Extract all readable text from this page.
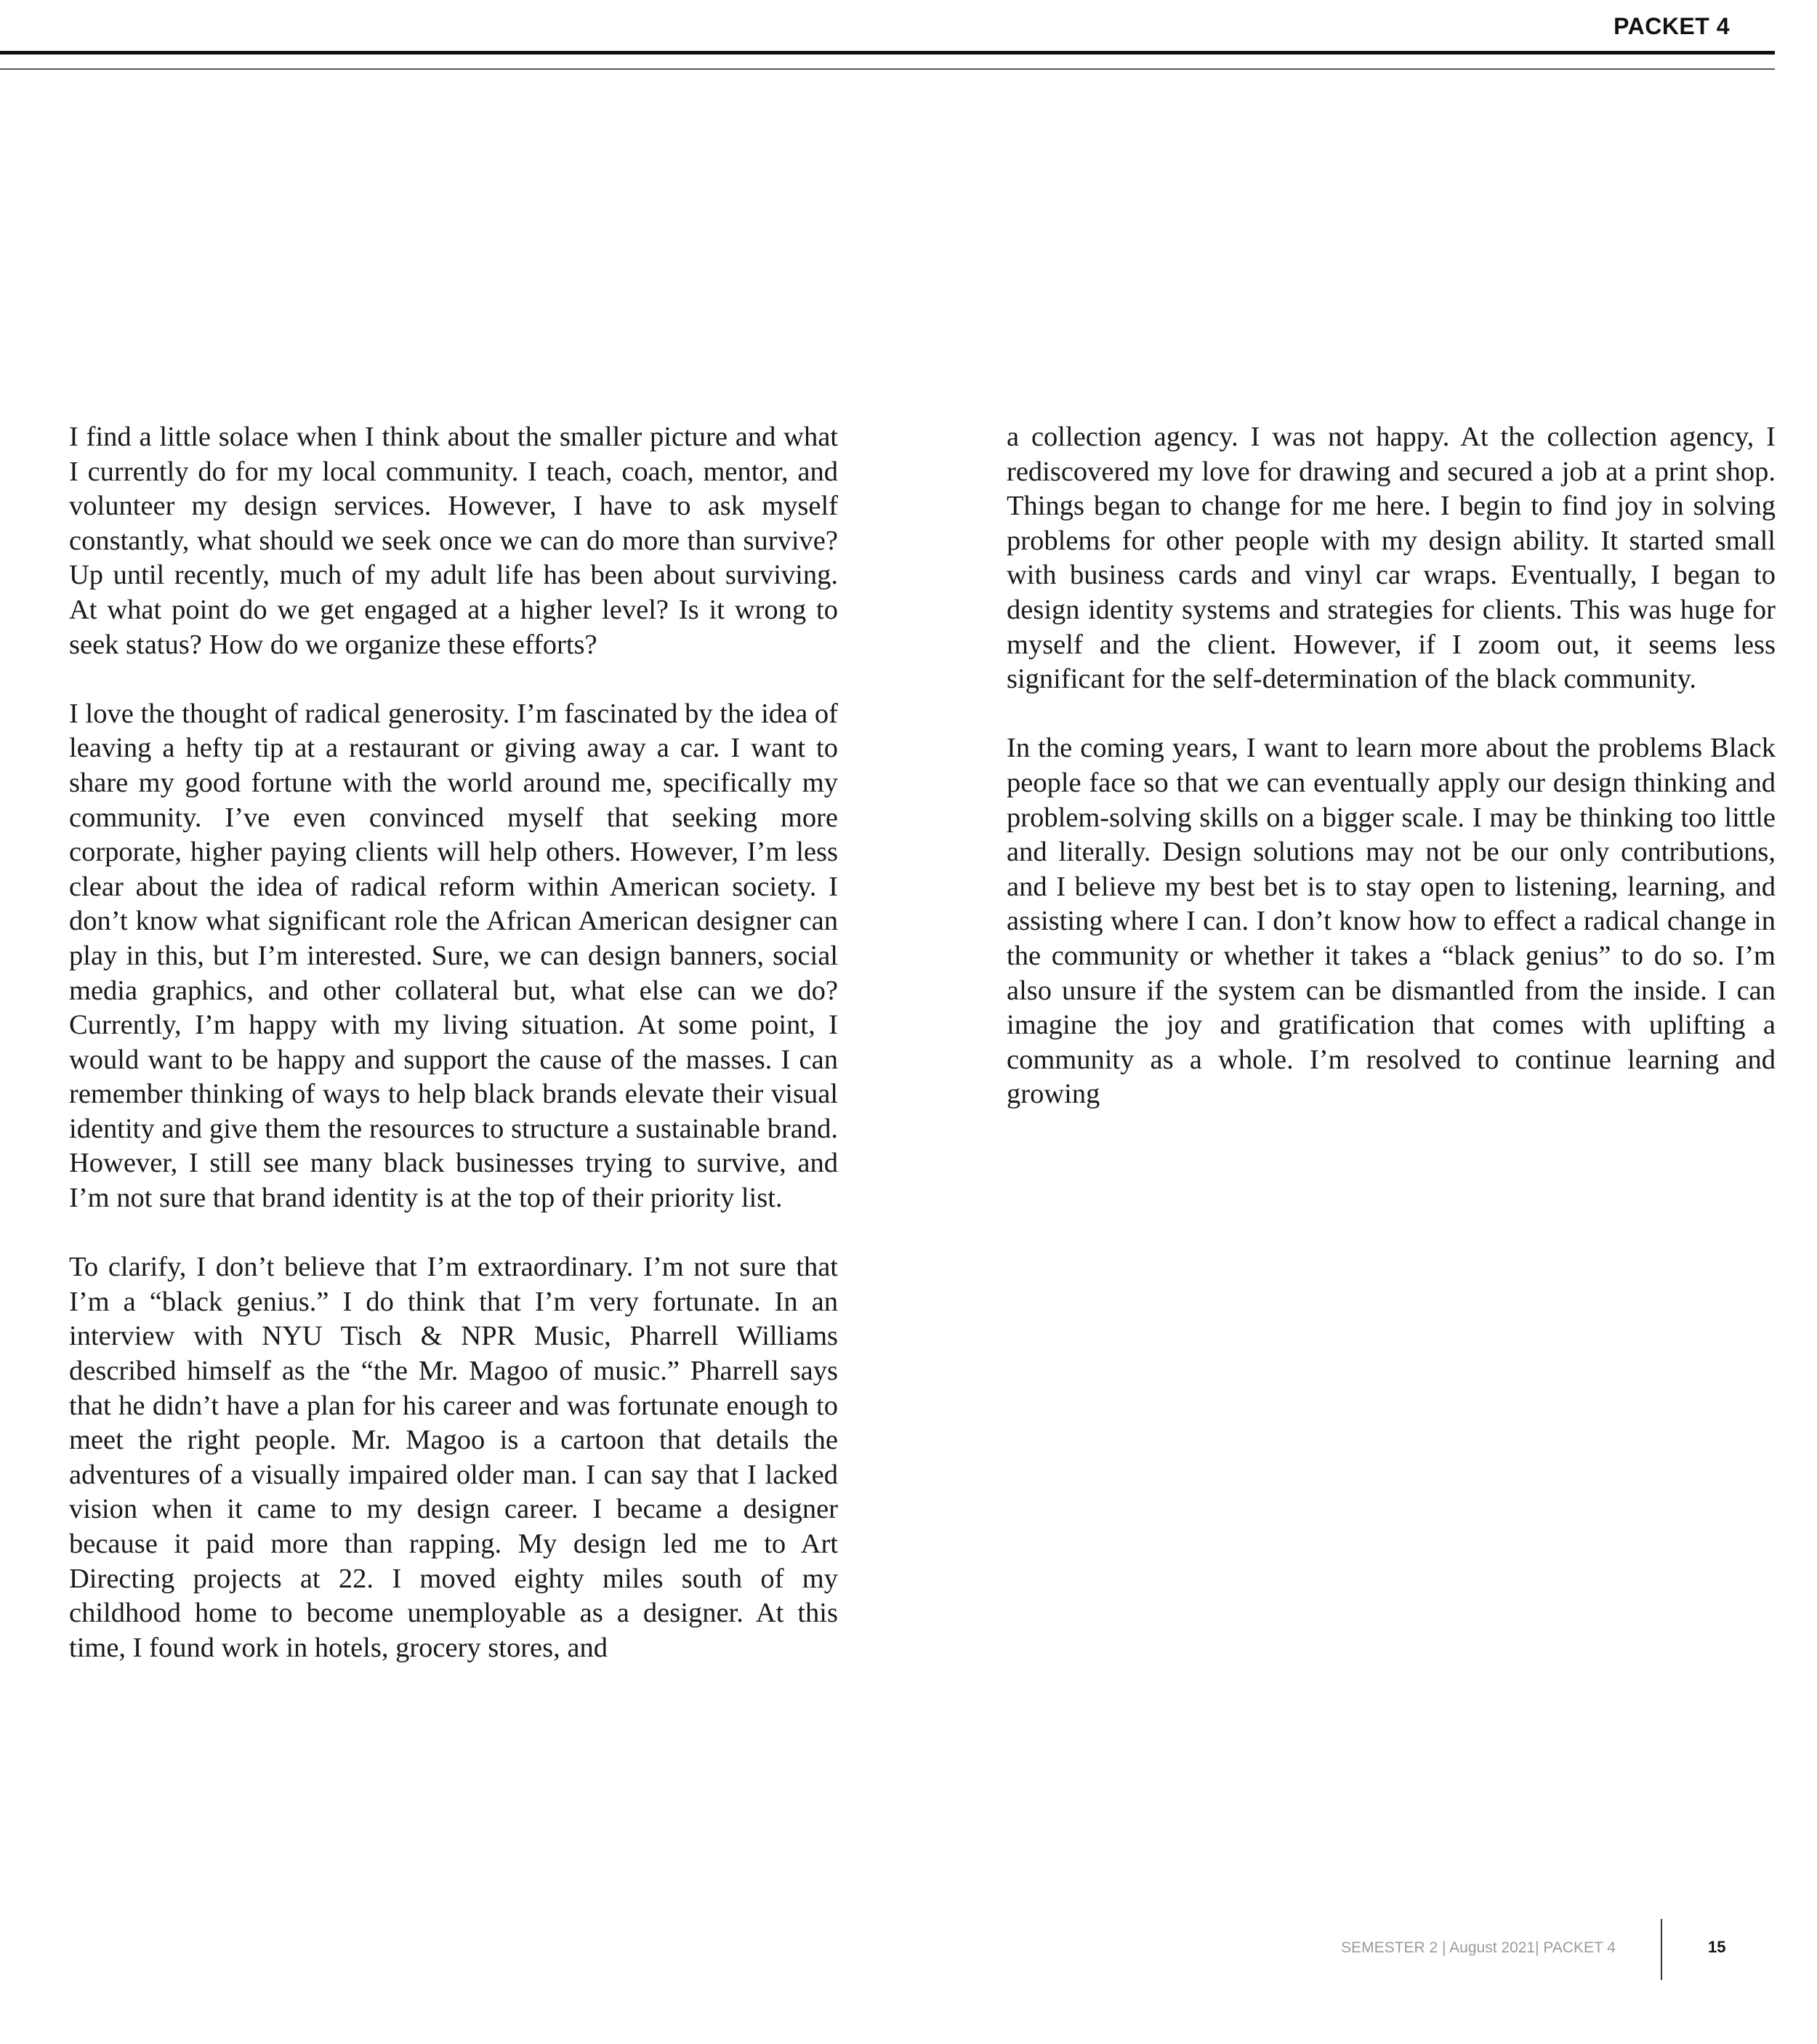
PACKET 4

I find a little solace when I think about the smaller picture and what I currently do for my local community. I teach, coach, mentor, and volunteer my design services. However, I have to ask myself constantly, what should we seek once we can do more than survive? Up until recently, much of my adult life has been about surviving. At what point do we get engaged at a higher level? Is it wrong to seek status? How do we organize these efforts?

I love the thought of radical generosity. I’m fascinated by the idea of leaving a hefty tip at a restaurant or giving away a car. I want to share my good fortune with the world around me, specifically my community. I’ve even convinced myself that seeking more corporate, higher paying clients will help others. However, I’m less clear about the idea of radical reform within American society. I don’t know what significant role the African American designer can play in this, but I’m interested. Sure, we can design banners, social media graphics, and other collateral but, what else can we do? Currently, I’m happy with my living situation. At some point, I would want to be happy and support the cause of the masses. I can remember thinking of ways to help black brands elevate their visual identity and give them the resources to structure a sustainable brand. However, I still see many black businesses trying to survive, and I’m not sure that brand identity is at the top of their priority list.

To clarify, I don’t believe that I’m extraordinary. I’m not sure that I’m a “black genius.” I do think that I’m very fortunate. In an interview with NYU Tisch & NPR Music, Pharrell Williams described himself as the “the Mr. Magoo of music.” Pharrell says that he didn’t have a plan for his career and was fortunate enough to meet the right people. Mr. Magoo is a cartoon that details the adventures of a visually impaired older man. I can say that I lacked vision when it came to my design career. I became a designer because it paid more than rapping. My design led me to Art Directing projects at 22. I moved eighty miles south of my childhood home to become unemployable as a designer. At this time, I found work in hotels, grocery stores, and

a collection agency. I was not happy. At the collection agency, I rediscovered my love for drawing and secured a job at a print shop. Things began to change for me here. I begin to find joy in solving problems for other people with my design ability. It started small with business cards and vinyl car wraps. Eventually, I began to design identity systems and strategies for clients. This was huge for myself and the client. However, if I zoom out, it seems less significant for the self-determination of the black community.

In the coming years, I want to learn more about the problems Black people face so that we can eventually apply our design thinking and problem-solving skills on a bigger scale. I may be thinking too little and literally. Design solutions may not be our only contributions, and I believe my best bet is to stay open to listening, learning, and assisting where I can. I don’t know how to effect a radical change in the community or whether it takes a “black genius” to do so. I’m also unsure if the system can be dismantled from the inside. I can imagine the joy and gratification that comes with uplifting a community as a whole. I’m resolved to continue learning and growing

SEMESTER 2 | August 2021| PACKET 4	15
